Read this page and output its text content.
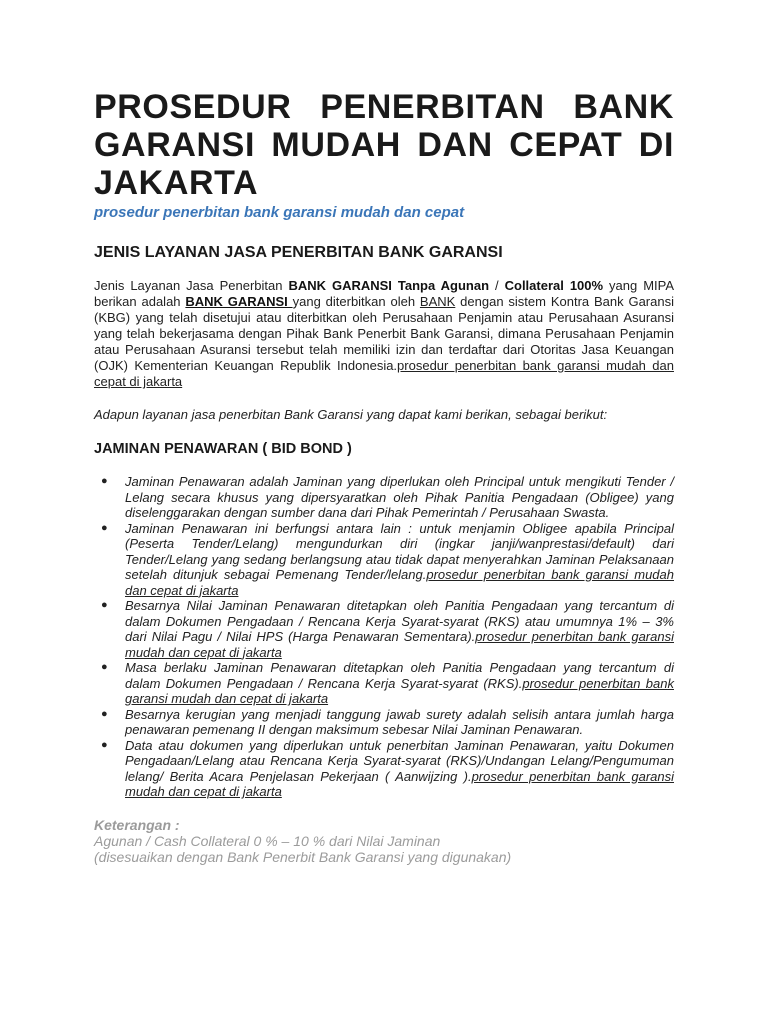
PROSEDUR PENERBITAN BANK GARANSI MUDAH DAN CEPAT DI JAKARTA
prosedur penerbitan bank garansi mudah dan cepat
JENIS LAYANAN JASA PENERBITAN BANK GARANSI

Jenis Layanan Jasa Penerbitan BANK GARANSI Tanpa Agunan / Collateral 100% yang MIPA berikan adalah BANK GARANSI yang diterbitkan oleh BANK dengan sistem Kontra Bank Garansi (KBG) yang telah disetujui atau diterbitkan oleh Perusahaan Penjamin atau Perusahaan Asuransi yang telah bekerjasama dengan Pihak Bank Penerbit Bank Garansi, dimana Perusahaan Penjamin atau Perusahaan Asuransi tersebut telah memiliki izin dan terdaftar dari Otoritas Jasa Keuangan (OJK) Kementerian Keuangan Republik Indonesia.prosedur penerbitan bank garansi mudah dan cepat di jakarta

Adapun layanan jasa penerbitan Bank Garansi yang dapat kami berikan, sebagai berikut:

JAMINAN PENAWARAN ( BID BOND )
● Jaminan Penawaran adalah Jaminan yang diperlukan oleh Principal untuk mengikuti Tender / Lelang secara khusus yang dipersyaratkan oleh Pihak Panitia Pengadaan (Obligee) yang diselenggarakan dengan sumber dana dari Pihak Pemerintah / Perusahaan Swasta.
● Jaminan Penawaran ini berfungsi antara lain : untuk menjamin Obligee apabila Principal (Peserta Tender/Lelang) mengundurkan diri (ingkar janji/wanprestasi/default) dari Tender/Lelang yang sedang berlangsung atau tidak dapat menyerahkan Jaminan Pelaksanaan setelah ditunjuk sebagai Pemenang Tender/lelang.prosedur penerbitan bank garansi mudah dan cepat di jakarta
● Besarnya Nilai Jaminan Penawaran ditetapkan oleh Panitia Pengadaan yang tercantum di dalam Dokumen Pengadaan / Rencana Kerja Syarat-syarat (RKS) atau umumnya 1% – 3% dari Nilai Pagu / Nilai HPS (Harga Penawaran Sementara).prosedur penerbitan bank garansi mudah dan cepat di jakarta
● Masa berlaku Jaminan Penawaran ditetapkan oleh Panitia Pengadaan yang tercantum di dalam Dokumen Pengadaan / Rencana Kerja Syarat-syarat (RKS).prosedur penerbitan bank garansi mudah dan cepat di jakarta
● Besarnya kerugian yang menjadi tanggung jawab surety adalah selisih antara jumlah harga penawaran pemenang II dengan maksimum sebesar Nilai Jaminan Penawaran.
● Data atau dokumen yang diperlukan untuk penerbitan Jaminan Penawaran, yaitu Dokumen Pengadaan/Lelang atau Rencana Kerja Syarat-syarat (RKS)/Undangan Lelang/Pengumuman lelang/ Berita Acara Penjelasan Pekerjaan ( Aanwijzing ).prosedur penerbitan bank garansi mudah dan cepat di jakarta
Keterangan :
Agunan / Cash Collateral 0 % – 10 % dari Nilai Jaminan
(disesuaikan dengan Bank Penerbit Bank Garansi yang digunakan)
